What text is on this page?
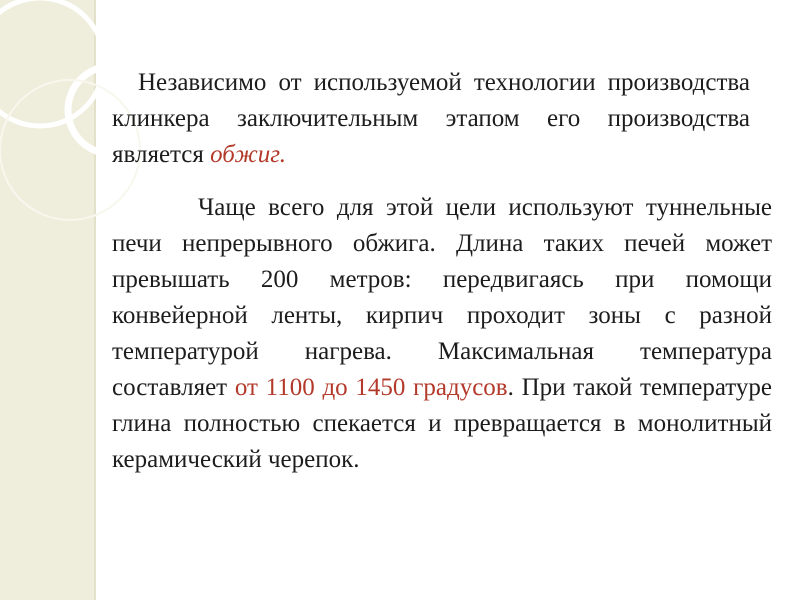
Независимо от используемой технологии производства клинкера заключительным этапом его производства является обжиг.

Чаще всего для этой цели используют туннельные печи непрерывного обжига. Длина таких печей может превышать 200 метров: передвигаясь при помощи конвейерной ленты, кирпич проходит зоны с разной температурой нагрева. Максимальная температура составляет от 1100 до 1450 градусов. При такой температуре глина полностью спекается и превращается в монолитный керамический черепок.
